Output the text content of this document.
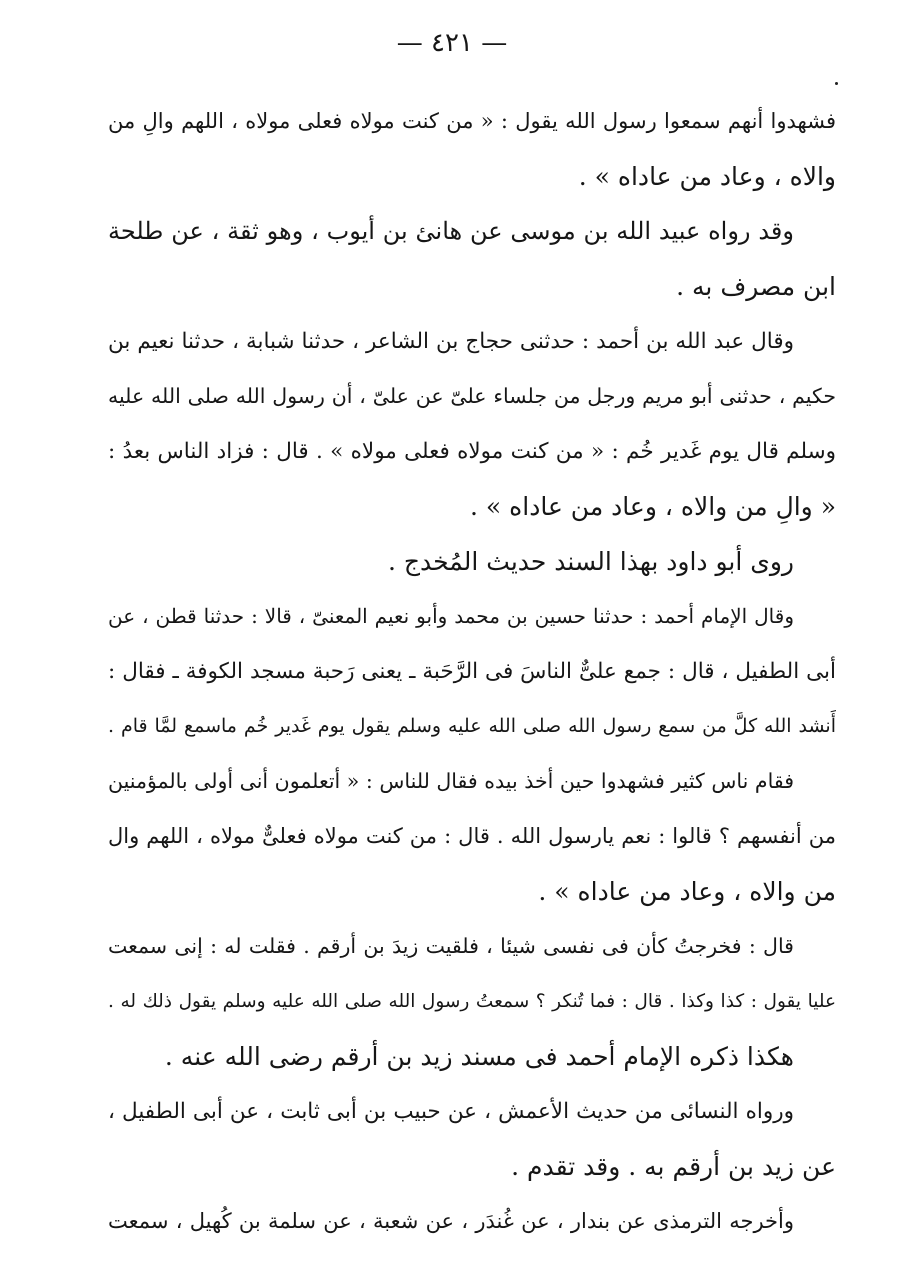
— ٤٢١ —
فشهدوا أنهم سمعوا رسول الله يقول : « من كنت مولاه فعلى مولاه ، اللهم والِ من
والاه ، وعاد من عاداه » .
وقد رواه عبيد الله بن موسى عن هانئ بن أيوب ، وهو ثقة ، عن طلحة
ابن مصرف به .
وقال عبد الله بن أحمد : حدثنى حجاج بن الشاعر ، حدثنا شبابة ، حدثنا نعيم بن
حكيم ، حدثنى أبو مريم ورجل من جلساء علىّ عن علىّ ، أن رسول الله صلى الله عليه
وسلم قال يوم غَدير خُم : « من كنت مولاه فعلى مولاه » . قال : فزاد الناس بعدُ :
« والِ من والاه ، وعاد من عاداه » .
روى أبو داود بهذا السند حديث المُخدج .
وقال الإمام أحمد : حدثنا حسين بن محمد وأبو نعيم المعنىّ ، قالا : حدثنا قطن ، عن
أبى الطفيل ، قال : جمع علىٌّ الناسَ فى الرَّحَبة ـ يعنى رَحبة مسجد الكوفة ـ فقال :
أَنشد الله كلَّ من سمع رسول الله صلى الله عليه وسلم يقول يوم غَدير خُم ماسمع لمَّا قام .
فقام ناس كثير فشهدوا حين أخذ بيده فقال للناس : « أتعلمون أنى أولى بالمؤمنين
من أنفسهم ؟ قالوا : نعم يارسول الله . قال : من كنت مولاه فعلىٌّ مولاه ، اللهم وال
من والاه ، وعاد من عاداه » .
قال : فخرجتُ كأن فى نفسى شيئا ، فلقيت زيدَ بن أرقم . فقلت له : إنى سمعت
عليا يقول : كذا وكذا . قال : فما تُنكر ؟ سمعتُ رسول الله صلى الله عليه وسلم يقول ذلك له .
هكذا ذكره الإمام أحمد فى مسند زيد بن أرقم رضى الله عنه .
ورواه النسائى من حديث الأعمش ، عن حبيب بن أبى ثابت ، عن أبى الطفيل ،
عن زيد بن أرقم به . وقد تقدم .
وأخرجه الترمذى عن بندار ، عن غُندَر ، عن شعبة ، عن سلمة بن كُهيل ، سمعت
